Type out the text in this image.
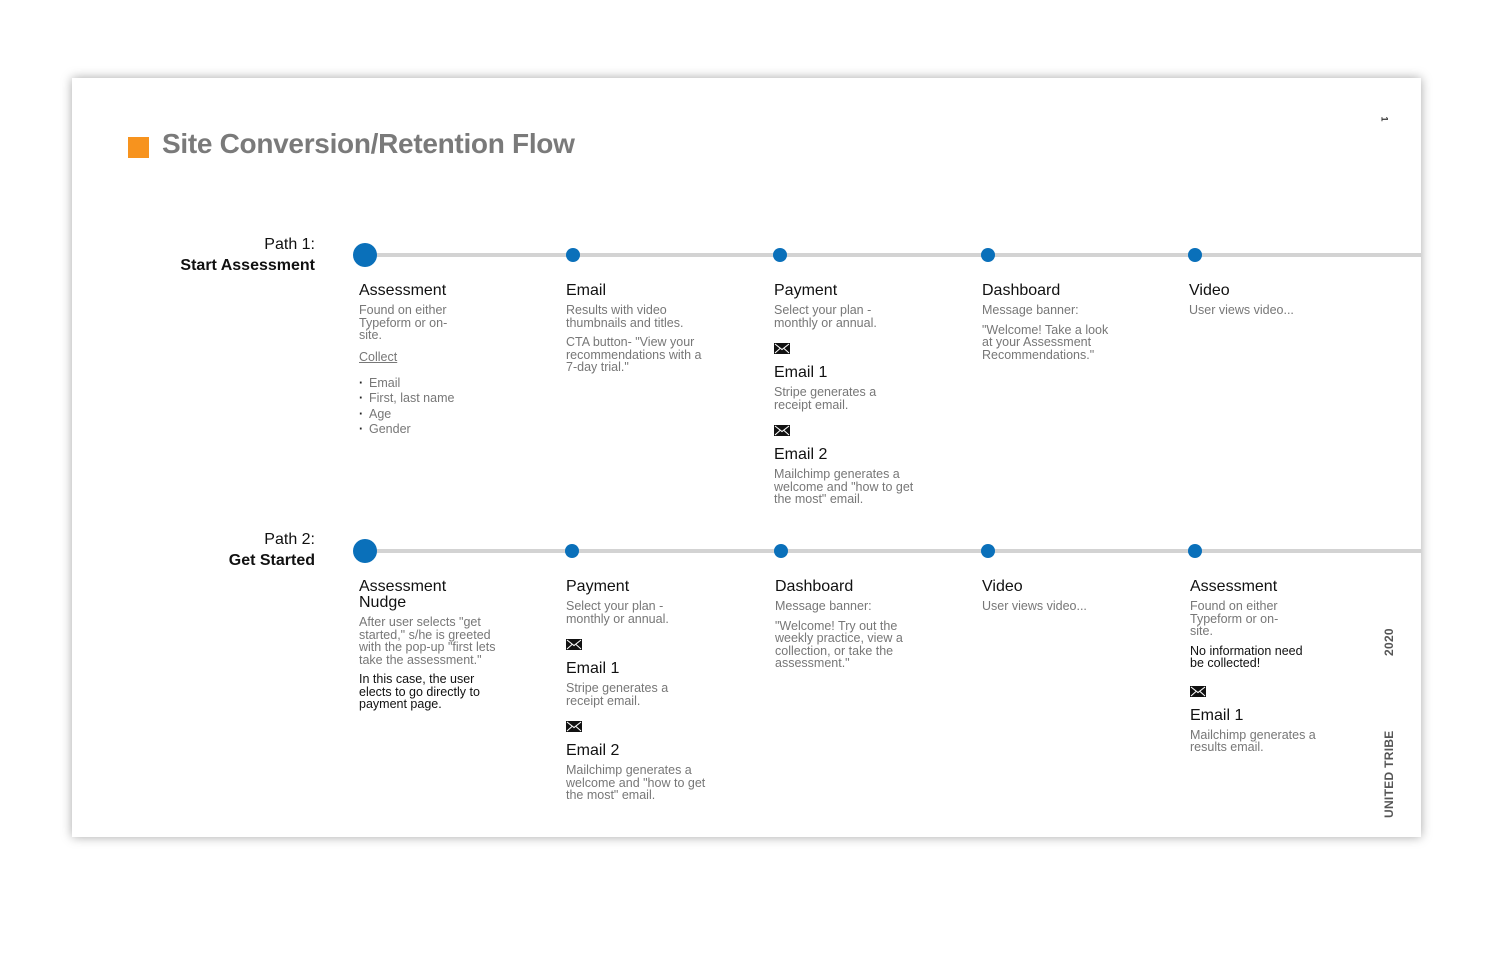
Site Conversion/Retention Flow
1
2020
UNITED TRIBE
Path 1:
Start Assessment
Assessment
Found on either Typeform or on-site.
Collect
· Email
· First, last name
· Age
· Gender
Email
Results with video thumbnails and titles.
CTA button- "View your recommendations with a 7-day trial."
Payment
Select your plan - monthly or annual.
Email 1
Stripe generates a receipt email.
Email 2
Mailchimp generates a welcome and "how to get the most" email.
Dashboard
Message banner:
"Welcome! Take a look at your Assessment Recommendations."
Video
User views video...
Path 2:
Get Started
Assessment Nudge
After user selects "get started," s/he is greeted with the pop-up "first lets take the assessment."
In this case, the user elects to go directly to payment page.
Payment
Select your plan - monthly or annual.
Email 1
Stripe generates a receipt email.
Email 2
Mailchimp generates a welcome and "how to get the most" email.
Dashboard
Message banner:
"Welcome! Try out the weekly practice, view a collection, or take the assessment."
Video
User views video...
Assessment
Found on either Typeform or on-site.
No information need be collected!
Email 1
Mailchimp generates a results email.
